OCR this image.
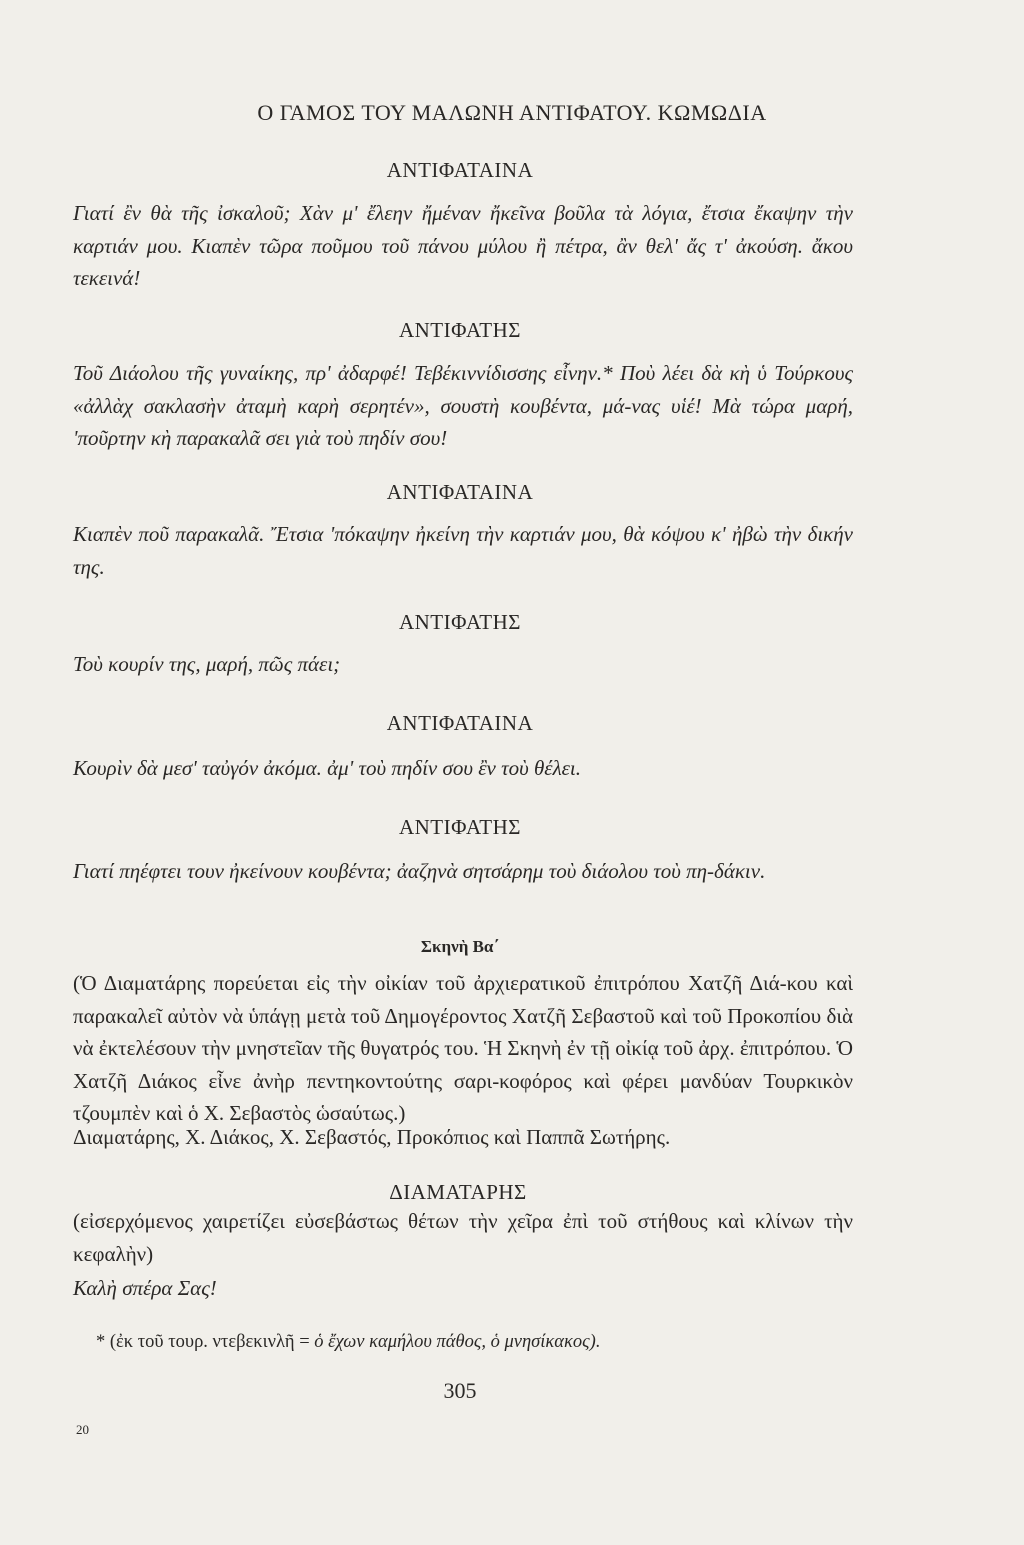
Ο ΓΑΜΟΣ ΤΟΥ ΜΑΛΩΝΗ ΑΝΤΙΦΑΤΟΥ. ΚΩΜΩΔΙΑ
ΑΝΤΙΦΑΤΑΙΝΑ
Γιατί ἒν θὰ τῆς ἰσκαλοῦ; Χὰν μ' ἔλεην ἤμέναν ἤκεῖνα βοῦλα τὰ λόγια, ἔτσια ἔκαψην τὴν καρτιάν μου. Κιαπὲν τῶρα ποῦμου τοῦ πάνου μύλου ἢ πέτρα, ἂν θελ' ἄς τ' ἀκούση. ἄκου τεκεινά!
ΑΝΤΙΦΑΤΗΣ
Τοῦ Διάολου τῆς γυναίκης, πρ' ἀδαρφέ! Τεβέκιννίδισσης εἶνην.* Ποὺ λέει δὰ κὴ ὑ Τούρκους «ἀλλὰχ σακλασὴν ἀταμὴ καρὴ σερητέν», σουστὴ κουβέντα, μά-νας υἱέ! Μὰ τώρα μαρή, 'ποῦρτην κὴ παρακαλᾶ σει γιὰ τοὺ πηδίν σου!
ΑΝΤΙΦΑΤΑΙΝΑ
Κιαπὲν ποῦ παρακαλᾶ. Ἔτσια 'πόκαψην ἠκείνη τὴν καρτιάν μου, θὰ κόψου κ' ἠβὼ τὴν δικήν της.
ΑΝΤΙΦΑΤΗΣ
Τοὺ κουρίν της, μαρή, πῶς πάει;
ΑΝΤΙΦΑΤΑΙΝΑ
Κουρὶν δὰ μεσ' ταὐγόν ἀκόμα. ἀμ' τοὺ πηδίν σου ἒν τοὺ θέλει.
ΑΝΤΙΦΑΤΗΣ
Γιατί πηέφτει τουν ἠκείνουν κουβέντα; ἀαζηνὰ σητσάρημ τοὺ διάολου τοὺ πη-δάκιν.
Σκηνὴ Βα΄
(Ὁ Διαματάρης πορεύεται εἰς τὴν οἰκίαν τοῦ ἀρχιερατικοῦ ἐπιτρόπου Χατζῆ Διά-κου καὶ παρακαλεῖ αὐτὸν νὰ ὑπάγῃ μετὰ τοῦ Δημογέροντος Χατζῆ Σεβαστοῦ καὶ τοῦ Προκοπίου διὰ νὰ ἐκτελέσουν τὴν μνηστεῖαν τῆς θυγατρός του. Ἡ Σκηνὴ ἐν τῇ οἰκίᾳ τοῦ ἀρχ. ἐπιτρόπου. Ὁ Χατζῆ Διάκος εἶνε ἀνὴρ πεντηκοντούτης σαρι-κοφόρος καὶ φέρει μανδύαν Τουρκικὸν τζουμπὲν καὶ ὁ Χ. Σεβαστὸς ὡσαύτως.)
Διαματάρης, Χ. Διάκος, Χ. Σεβαστός, Προκόπιος καὶ Παππᾶ Σωτήρης.
ΔΙΑΜΑΤΑΡΗΣ
(εἰσερχόμενος χαιρετίζει εὐσεβάστως θέτων τὴν χεῖρα ἐπὶ τοῦ στήθους καὶ κλίνων τὴν κεφαλὴν)
Καλὴ σπέρα Σας!
* (ἐκ τοῦ τουρ. ντεβεκινλῆ = ὁ ἔχων καμήλου πάθος, ὁ μνησίκακος).
305
20
